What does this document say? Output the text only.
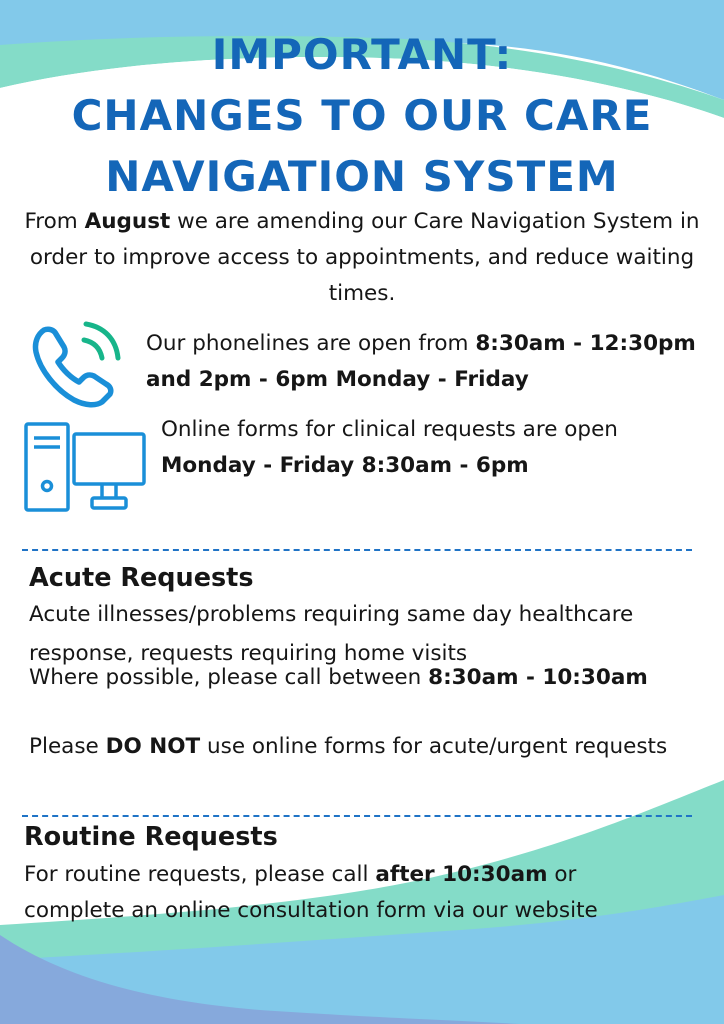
IMPORTANT:
CHANGES TO OUR CARE
NAVIGATION SYSTEM

From August we are amending our Care Navigation System in order to improve access to appointments, and reduce waiting times.

Our phonelines are open from 8:30am - 12:30pm and 2pm - 6pm Monday - Friday

Online forms for clinical requests are open Monday - Friday 8:30am - 6pm

Acute Requests

Acute illnesses/problems requiring same day healthcare response, requests requiring home visits

Where possible, please call between 8:30am - 10:30am

Please DO NOT use online forms for acute/urgent requests

Routine Requests

For routine requests, please call after 10:30am or complete an online consultation form via our website
